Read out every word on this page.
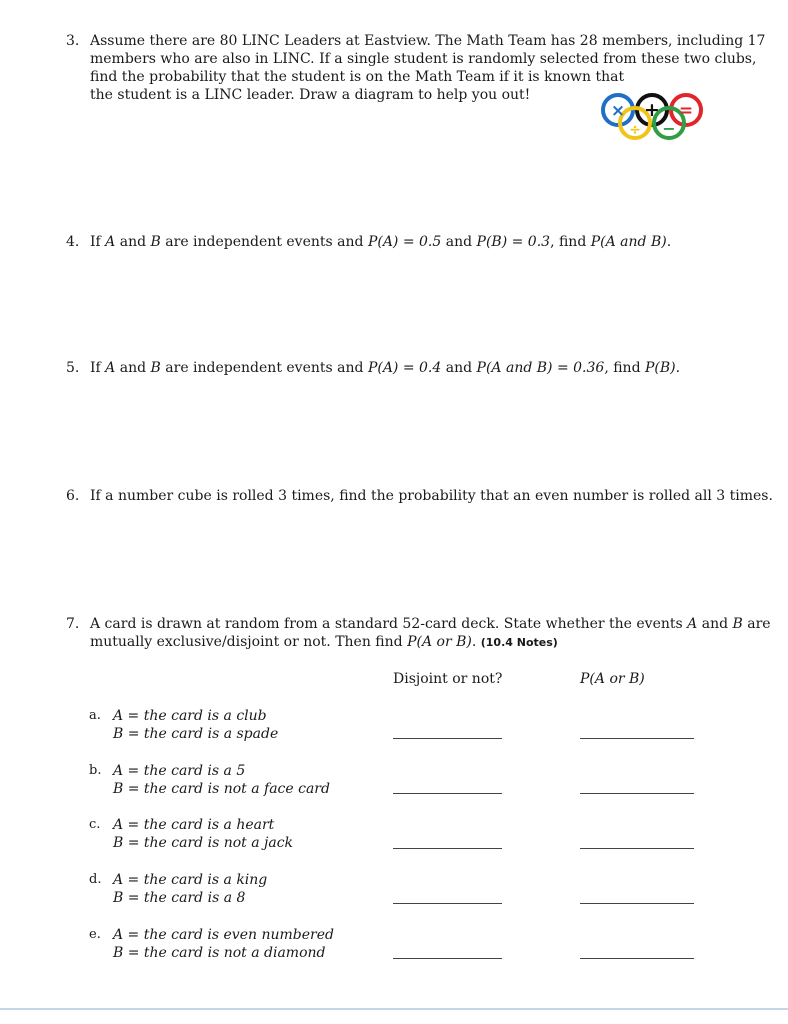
3. Assume there are 80 LINC Leaders at Eastview. The Math Team has 28 members, including 17
members who are also in LINC. If a single student is randomly selected from these two clubs,
find the probability that the student is on the Math Team if it is known that
the student is a LINC leader. Draw a diagram to help you out!
× +
÷ −
=
4. If A and B are independent events and P(A) = 0.5 and P(B) = 0.3, find P(A and B).
5. If A and B are independent events and P(A) = 0.4 and P(A and B) = 0.36, find P(B).
6. If a number cube is rolled 3 times, find the probability that an even number is rolled all 3 times.
7. A card is drawn at random from a standard 52-card deck. State whether the events A and B are
mutually exclusive/disjoint or not. Then find P(A or B). (10.4 Notes)
Disjoint or not?	P(A or B)
a. A = the card is a club
B = the card is a spade
b. A = the card is a 5
B = the card is not a face card
c. A = the card is a heart
B = the card is not a jack
d. A = the card is a king
B = the card is a 8
e. A = the card is even numbered
B = the card is not a diamond
